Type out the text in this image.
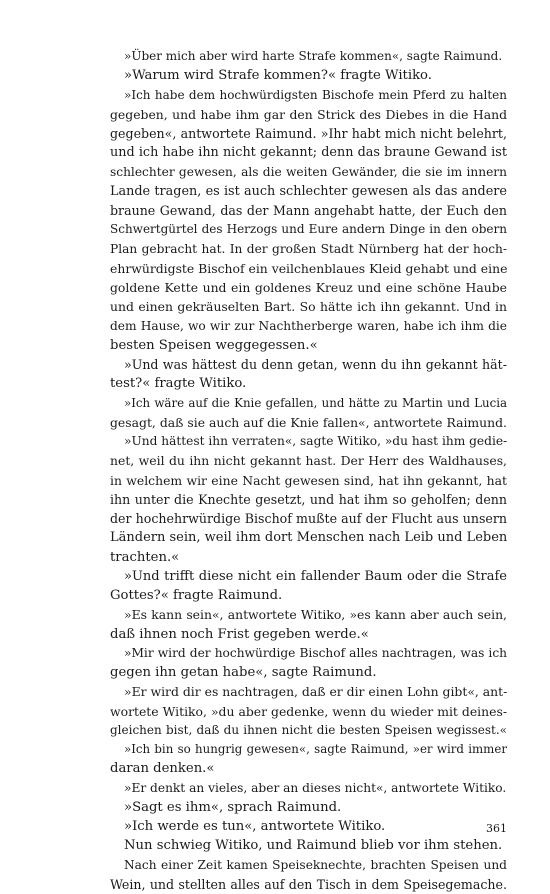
»Über mich aber wird harte Strafe kommen«, sagte Raimund.
»Warum wird Strafe kommen?« fragte Witiko.
»Ich habe dem hochwürdigsten Bischofe mein Pferd zu halten
gegeben, und habe ihm gar den Strick des Diebes in die Hand
gegeben«, antwortete Raimund. »Ihr habt mich nicht belehrt,
und ich habe ihn nicht gekannt; denn das braune Gewand ist
schlechter gewesen, als die weiten Gewänder, die sie im innern
Lande tragen, es ist auch schlechter gewesen als das andere
braune Gewand, das der Mann angehabt hatte, der Euch den
Schwertgürtel des Herzogs und Eure andern Dinge in den obern
Plan gebracht hat. In der großen Stadt Nürnberg hat der hoch-
ehrwürdigste Bischof ein veilchenblaues Kleid gehabt und eine
goldene Kette und ein goldenes Kreuz und eine schöne Haube
und einen gekräuselten Bart. So hätte ich ihn gekannt. Und in
dem Hause, wo wir zur Nachtherberge waren, habe ich ihm die
besten Speisen weggegessen.«
»Und was hättest du denn getan, wenn du ihn gekannt hät-
test?« fragte Witiko.
»Ich wäre auf die Knie gefallen, und hätte zu Martin und Lucia
gesagt, daß sie auch auf die Knie fallen«, antwortete Raimund.
»Und hättest ihn verraten«, sagte Witiko, »du hast ihm gedie-
net, weil du ihn nicht gekannt hast. Der Herr des Waldhauses,
in welchem wir eine Nacht gewesen sind, hat ihn gekannt, hat
ihn unter die Knechte gesetzt, und hat ihm so geholfen; denn
der hochehrwürdige Bischof mußte auf der Flucht aus unsern
Ländern sein, weil ihm dort Menschen nach Leib und Leben
trachten.«
»Und trifft diese nicht ein fallender Baum oder die Strafe
Gottes?« fragte Raimund.
»Es kann sein«, antwortete Witiko, »es kann aber auch sein,
daß ihnen noch Frist gegeben werde.«
»Mir wird der hochwürdige Bischof alles nachtragen, was ich
gegen ihn getan habe«, sagte Raimund.
»Er wird dir es nachtragen, daß er dir einen Lohn gibt«, ant-
wortete Witiko, »du aber gedenke, wenn du wieder mit deines-
gleichen bist, daß du ihnen nicht die besten Speisen wegissest.«
»Ich bin so hungrig gewesen«, sagte Raimund, »er wird immer
daran denken.«
»Er denkt an vieles, aber an dieses nicht«, antwortete Witiko.
»Sagt es ihm«, sprach Raimund.
»Ich werde es tun«, antwortete Witiko.
Nun schwieg Witiko, und Raimund blieb vor ihm stehen.
Nach einer Zeit kamen Speiseknechte, brachten Speisen und
Wein, und stellten alles auf den Tisch in dem Speisegemache.
361
